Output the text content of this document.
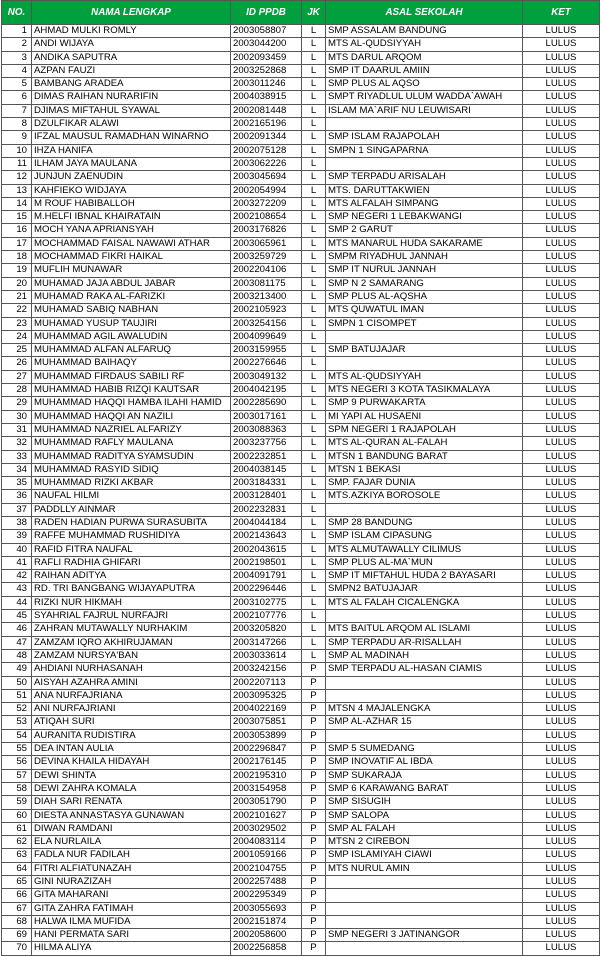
NO.	NAMA LENGKAP	ID PPDB	JK	ASAL SEKOLAH	KET
1	AHMAD MULKI ROMLY	2003058807	L	SMP ASSALAM BANDUNG	LULUS
2	ANDI WIJAYA	2003044200	L	MTS AL-QUDSIYYAH	LULUS
3	ANDIKA SAPUTRA	2002093459	L	MTS DARUL ARQOM	LULUS
4	AZPAN FAUZI	2003252868	L	SMP IT DAARUL AMIIN	LULUS
5	BAMBANG ARADEA	2003011246	L	SMP PLUS AL AQSO	LULUS
6	DIMAS RAIHAN NURARIFIN	2004038915	L	SMPT RIYADLUL ULUM WADDA`AWAH	LULUS
7	DJIMAS MIFTAHUL SYAWAL	2002081448	L	ISLAM MA`ARIF NU LEUWISARI	LULUS
8	DZULFIKAR ALAWI	2002165196	L		LULUS
9	IFZAL MAUSUL RAMADHAN WINARNO	2002091344	L	SMP ISLAM RAJAPOLAH	LULUS
10	IHZA HANIFA	2002075128	L	SMPN 1 SINGAPARNA	LULUS
11	ILHAM JAYA MAULANA	2003062226	L		LULUS
12	JUNJUN ZAENUDIN	2003045694	L	SMP TERPADU ARISALAH	LULUS
13	KAHFIEKO WIDJAYA	2002054994	L	MTS. DARUTTAKWIEN	LULUS
14	M ROUF HABIBALLOH	2003272209	L	MTS ALFALAH SIMPANG	LULUS
15	M.HELFI IBNAL KHAIRATAIN	2002108654	L	SMP NEGERI 1 LEBAKWANGI	LULUS
16	MOCH YANA APRIANSYAH	2003176826	L	SMP 2 GARUT	LULUS
17	MOCHAMMAD FAISAL NAWAWI ATHAR	2003065961	L	MTS MANARUL HUDA SAKARAME	LULUS
18	MOCHAMMAD FIKRI HAIKAL	2003259729	L	SMPM RIYADHUL JANNAH	LULUS
19	MUFLIH MUNAWAR	2002204106	L	SMP IT NURUL JANNAH	LULUS
20	MUHAMAD JAJA ABDUL JABAR	2003081175	L	SMP N 2 SAMARANG	LULUS
21	MUHAMAD RAKA AL-FARIZKI	2003213400	L	SMP PLUS AL-AQSHA	LULUS
22	MUHAMAD SABIQ NABHAN	2002105923	L	MTS QUWATUL IMAN	LULUS
23	MUHAMAD YUSUP TAUJIRI	2003254156	L	SMPN 1 CISOMPET	LULUS
24	MUHAMMAD AGIL AWALUDIN	2004099649	L		LULUS
25	MUHAMMAD ALFAN ALFARUQ	2003159955	L	SMP BATUJAJAR	LULUS
26	MUHAMMAD BAIHAQY	2002276646	L		LULUS
27	MUHAMMAD FIRDAUS SABILI RF	2003049132	L	MTS AL-QUDSIYYAH	LULUS
28	MUHAMMAD HABIB RIZQI KAUTSAR	2004042195	L	MTS NEGERI 3 KOTA TASIKMALAYA	LULUS
29	MUHAMMAD HAQQI HAMBA ILAHI HAMID	2002285690	L	SMP 9 PURWAKARTA	LULUS
30	MUHAMMAD HAQQI AN NAZILI	2003017161	L	MI YAPI AL HUSAENI	LULUS
31	MUHAMMAD NAZRIEL ALFARIZY	2003088363	L	SPM NEGERI 1 RAJAPOLAH	LULUS
32	MUHAMMAD RAFLY MAULANA	2003237756	L	MTS AL-QURAN AL-FALAH	LULUS
33	MUHAMMAD RADITYA SYAMSUDIN	2002232851	L	MTSN 1 BANDUNG BARAT	LULUS
34	MUHAMMAD RASYID SIDIQ	2004038145	L	MTSN 1 BEKASI	LULUS
35	MUHAMMAD RIZKI AKBAR	2003184331	L	SMP. FAJAR DUNIA	LULUS
36	NAUFAL HILMI	2003128401	L	MTS.AZKIYA BOROSOLE	LULUS
37	PADDLLY AINMAR	2002232831	L		LULUS
38	RADEN HADIAN PURWA SURASUBITA	2004044184	L	SMP 28 BANDUNG	LULUS
39	RAFFE MUHAMMAD RUSHIDIYA	2002143643	L	SMP ISLAM CIPASUNG	LULUS
40	RAFID FITRA NAUFAL	2002043615	L	MTS ALMUTAWALLY CILIMUS	LULUS
41	RAFLI RADHIA GHIFARI	2002198501	L	SMP PLUS AL-MA`MUN	LULUS
42	RAIHAN ADITYA	2004091791	L	SMP IT MIFTAHUL HUDA 2 BAYASARI	LULUS
43	RD. TRI BANGBANG WIJAYAPUTRA	2002296446	L	SMPN2 BATUJAJAR	LULUS
44	RIZKI NUR HIKMAH	2003102775	L	MTS AL FALAH CICALENGKA	LULUS
45	SYAHRIAL FAJRUL NURFAJRI	2002107776	L		LULUS
46	ZAHRAN MUTAWALLY NURHAKIM	2003205820	L	MTS BAITUL ARQOM AL ISLAMI	LULUS
47	ZAMZAM IQRO AKHIRUJAMAN	2003147266	L	SMP TERPADU AR-RISALLAH	LULUS
48	ZAMZAM NURSYA'BAN	2003033614	L	SMP AL MADINAH	LULUS
49	AHDIANI NURHASANAH	2003242156	P	SMP TERPADU AL-HASAN CIAMIS	LULUS
50	AISYAH AZAHRA AMINI	2002207113	P		LULUS
51	ANA NURFAJRIANA	2003095325	P		LULUS
52	ANI NURFAJRIANI	2004022169	P	MTSN 4 MAJALENGKA	LULUS
53	ATIQAH SURI	2003075851	P	SMP AL-AZHAR 15	LULUS
54	AURANITA RUDISTIRA	2003053899	P		LULUS
55	DEA INTAN AULIA	2002296847	P	SMP 5 SUMEDANG	LULUS
56	DEVINA KHAILA HIDAYAH	2002176145	P	SMP INOVATIF AL IBDA	LULUS
57	DEWI SHINTA	2002195310	P	SMP SUKARAJA	LULUS
58	DEWI ZAHRA KOMALA	2003154958	P	SMP 6 KARAWANG BARAT	LULUS
59	DIAH SARI RENATA	2003051790	P	SMP SISUGIH	LULUS
60	DIESTA ANNASTASYA GUNAWAN	2002101627	P	SMP SALOPA	LULUS
61	DIWAN RAMDANI	2003029502	P	SMP AL FALAH	LULUS
62	ELA NURLAILA	2004083114	P	MTSN 2 CIREBON	LULUS
63	FADLA NUR FADILAH	2001059166	P	SMP ISLAMIYAH CIAWI	LULUS
64	FITRI ALFIATUNAZAH	2002104755	P	MTS NURUL AMIN	LULUS
65	GINI NURAZIZAH	2002257488	P		LULUS
66	GITA MAHARANI	2002295349	P		LULUS
67	GITA ZAHRA FATIMAH	2003055693	P		LULUS
68	HALWA ILMA MUFIDA	2002151874	P		LULUS
69	HANI PERMATA SARI	2002058600	P	SMP NEGERI 3 JATINANGOR	LULUS
70	HILMA ALIYA	2002256858	P		LULUS
